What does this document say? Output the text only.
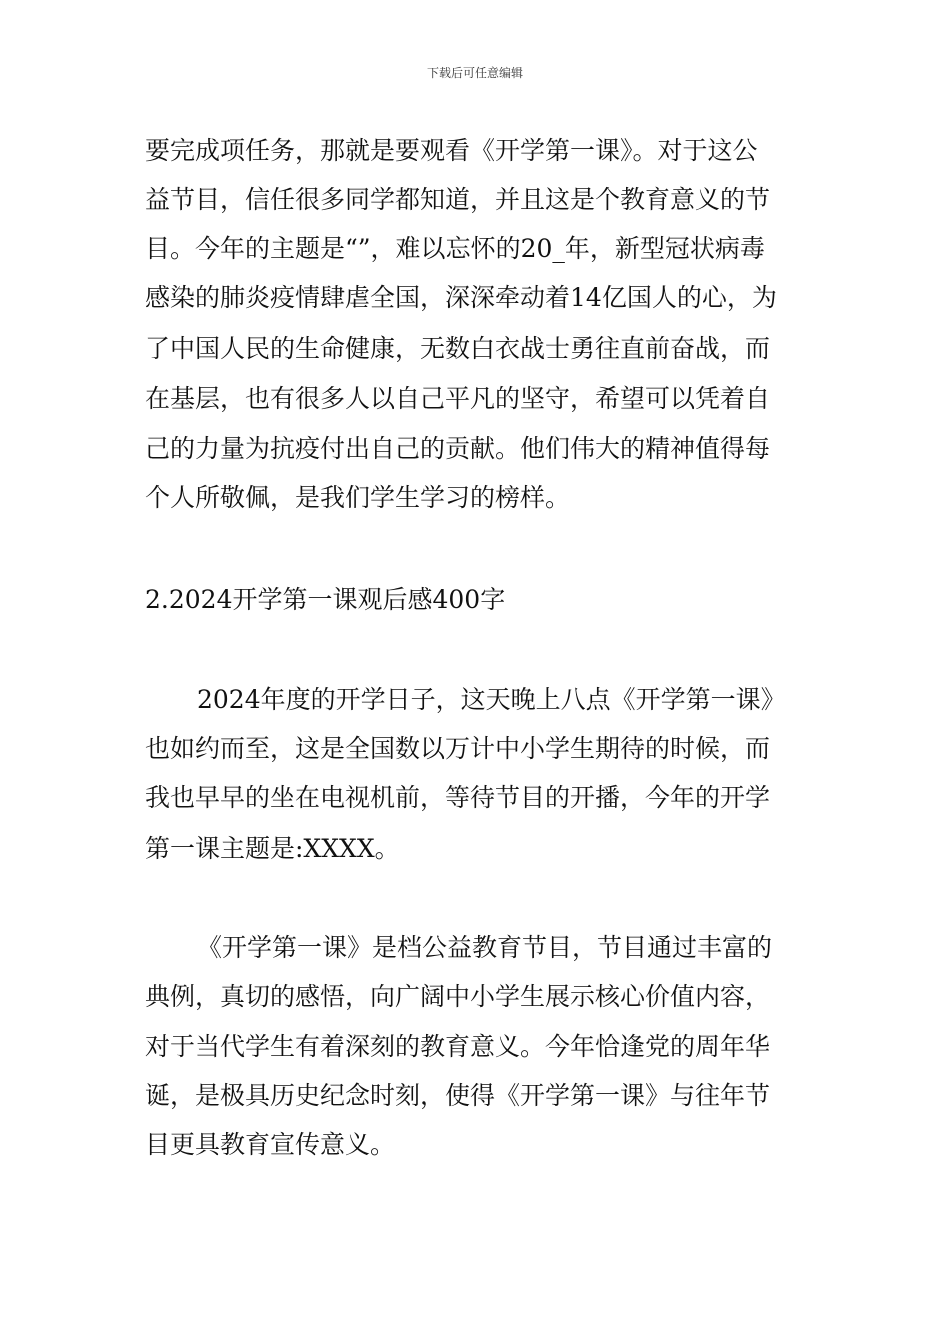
下载后可任意编辑
要完成项任务，那就是要观看《开学第一课》。对于这公
益节目，信任很多同学都知道，并且这是个教育意义的节
目。今年的主题是“”，难以忘怀的20_年，新型冠状病毒
感染的肺炎疫情肆虐全国，深深牵动着14亿国人的心，为
了中国人民的生命健康，无数白衣战士勇往直前奋战，而
在基层，也有很多人以自己平凡的坚守，希望可以凭着自
己的力量为抗疫付出自己的贡献。他们伟大的精神值得每
个人所敬佩，是我们学生学习的榜样。
2.2024开学第一课观后感400字
2024年度的开学日子，这天晚上八点《开学第一课》
也如约而至，这是全国数以万计中小学生期待的时候，而
我也早早的坐在电视机前，等待节目的开播，今年的开学
第一课主题是:XXXX。
《开学第一课》是档公益教育节目，节目通过丰富的
典例，真切的感悟，向广阔中小学生展示核心价值内容，
对于当代学生有着深刻的教育意义。今年恰逢党的周年华
诞，是极具历史纪念时刻，使得《开学第一课》与往年节
目更具教育宣传意义。
